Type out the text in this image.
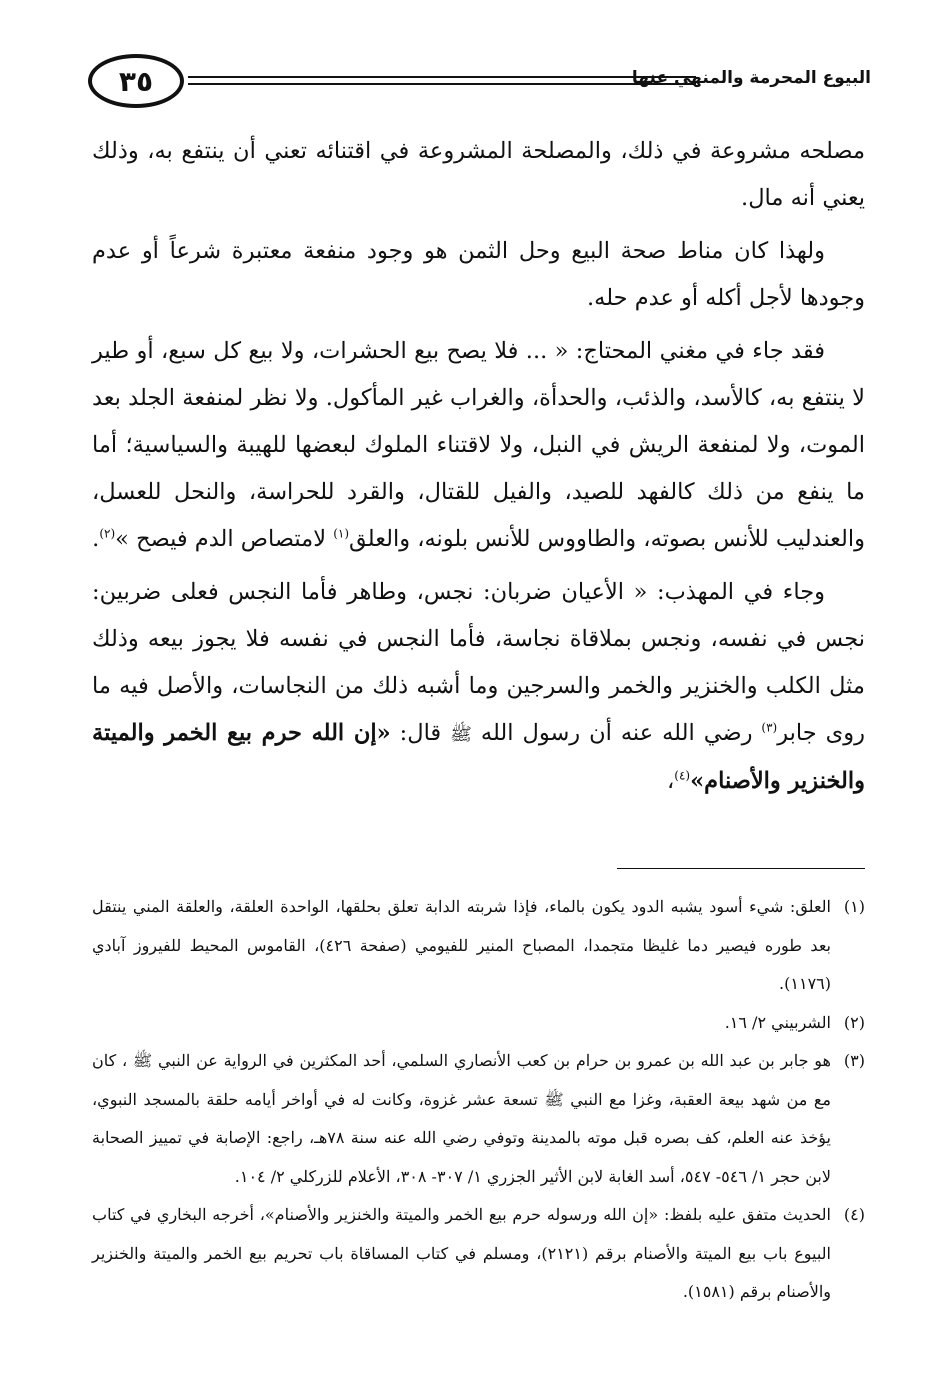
٣٥	البيوع المحرمة والمنهي عنها

مصلحه مشروعة في ذلك، والمصلحة المشروعة في اقتنائه تعني أن ينتفع به، وذلك يعني أنه مال.

ولهذا كان مناط صحة البيع وحل الثمن هو وجود منفعة معتبرة شرعاً أو عدم وجودها لأجل أكله أو عدم حله.

فقد جاء في مغني المحتاج: « ... فلا يصح بيع الحشرات، ولا بيع كل سبع، أو طير لا ينتفع به، كالأسد، والذئب، والحدأة، والغراب غير المأكول. ولا نظر لمنفعة الجلد بعد الموت، ولا لمنفعة الريش في النبل، ولا لاقتناء الملوك لبعضها للهيبة والسياسية؛ أما ما ينفع من ذلك كالفهد للصيد، والفيل للقتال، والقرد للحراسة، والنحل للعسل، والعندليب للأنس بصوته، والطاووس للأنس بلونه، والعلق$^{(١)}$ لامتصاص الدم فيصح »$^{(٢)}$.

وجاء في المهذب: « الأعيان ضربان: نجس، وطاهر فأما النجس فعلى ضربين: نجس في نفسه، ونجس بملاقاة نجاسة، فأما النجس في نفسه فلا يجوز بيعه وذلك مثل الكلب والخنزير والخمر والسرجين وما أشبه ذلك من النجاسات، والأصل فيه ما روى جابر$^{(٣)}$ رضي الله عنه أن رسول الله ﷺ قال: «إن الله حرم بيع الخمر والميتة والخنزير والأصنام»$^{(٤)}$،

(١)
العلق: شيء أسود يشبه الدود يكون بالماء، فإذا شربته الدابة تعلق بحلقها، الواحدة العلقة، والعلقة المني ينتقل بعد طوره فيصير دما غليظا متجمدا، المصباح المنير للفيومي (صفحة ٤٢٦)، القاموس المحيط للفيروز آبادي (١١٧٦).
(٢)
الشربيني ٢/ ١٦.
(٣)
هو جابر بن عبد الله بن عمرو بن حرام بن كعب الأنصاري السلمي، أحد المكثرين في الرواية عن النبي ﷺ ، كان مع من شهد بيعة العقبة، وغزا مع النبي ﷺ تسعة عشر غزوة، وكانت له في أواخر أيامه حلقة بالمسجد النبوي، يؤخذ عنه العلم، كف بصره قبل موته بالمدينة وتوفي رضي الله عنه سنة ٧٨هـ، راجع: الإصابة في تمييز الصحابة لابن حجر ١/ ٥٤٦- ٥٤٧، أسد الغابة لابن الأثير الجزري ١/ ٣٠٧- ٣٠٨، الأعلام للزركلي ٢/ ١٠٤.
(٤)
الحديث متفق عليه بلفظ: «إن الله ورسوله حرم بيع الخمر والميتة والخنزير والأصنام»، أخرجه البخاري في كتاب البيوع باب بيع الميتة والأصنام برقم (٢١٢١)، ومسلم في كتاب المساقاة باب تحريم بيع الخمر والميتة والخنزير والأصنام برقم (١٥٨١).
